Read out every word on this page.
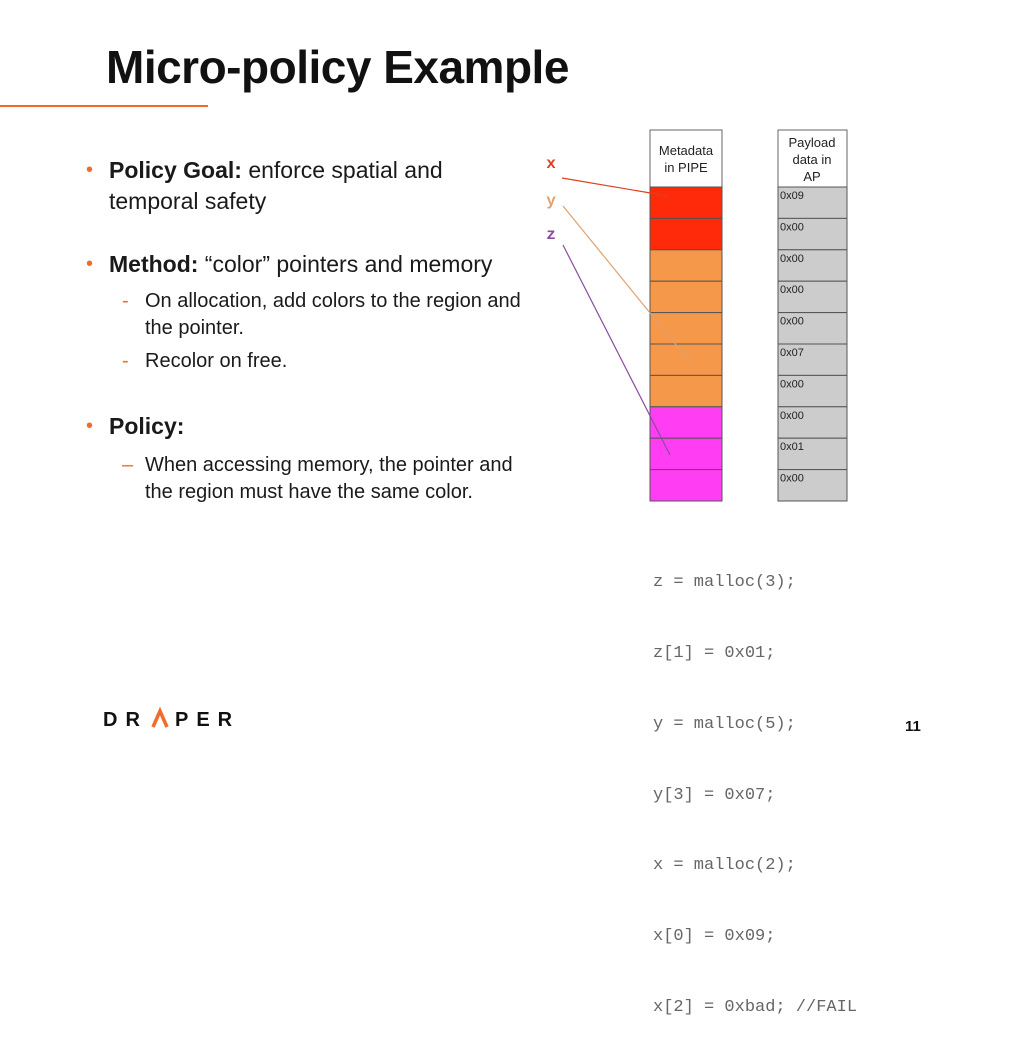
Micro-policy Example
• Policy Goal: enforce spatial and temporal safety
• Method: “color” pointers and memory
- On allocation, add colors to the region and the pointer.
- Recolor on free.
• Policy:
– When accessing memory, the pointer and the region must have the same color.
Metadata
in PIPE
Payload
data in
AP
0x09
0x00
0x00
0x00
0x00
0x07
0x00
0x00
0x01
0x00
x
y
z

z = malloc(3);

z[1] = 0x01;

y = malloc(5);

y[3] = 0x07;

x = malloc(2);

x[0] = 0x09;

x[2] = 0xbad; //FAIL

DR PER	11
